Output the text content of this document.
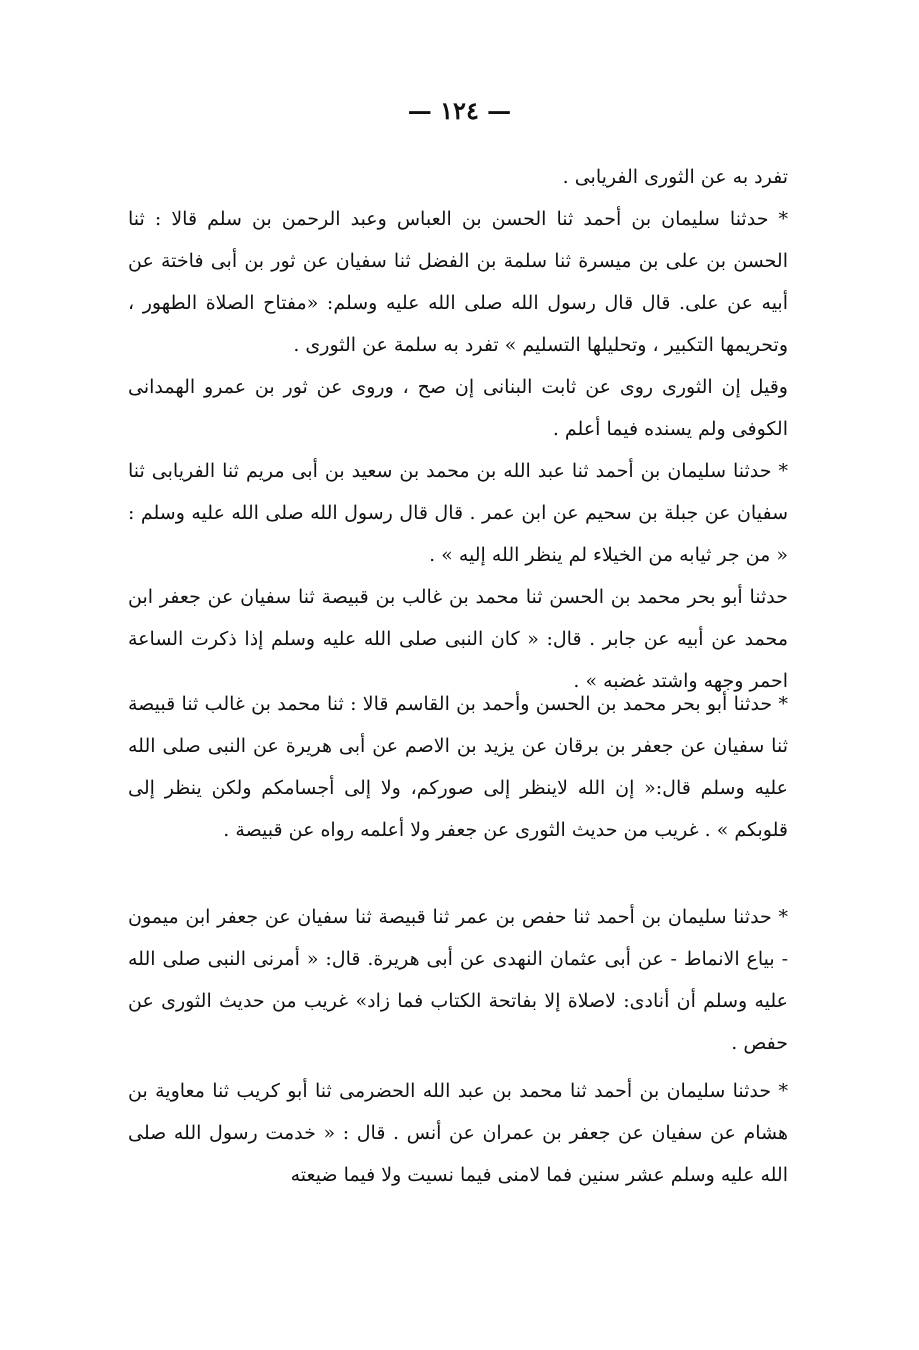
— ١٢٤ —

تفرد به عن الثورى الفريابى .

* حدثنا سليمان بن أحمد ثنا الحسن بن العباس وعبد الرحمن بن سلم قالا : ثنا الحسن بن علی بن ميسرة ثنا سلمة بن الفضل ثنا سفيان عن ثور بن أبی فاختة عن أبيه عن علی. قال قال رسول الله صلى الله عليه وسلم: «مفتاح الصلاة الطهور ، وتحريمها التكبير ، وتحليلها التسليم » تفرد به سلمة عن الثوری .

وقيل إن الثوری روی عن ثابت البنانی إن صح ، وروى عن ثور بن عمرو الهمدانی الكوفی ولم يسنده فيما أعلم .

* حدثنا سليمان بن أحمد ثنا عبد الله بن محمد بن سعيد بن أبی مريم ثنا الفريابى ثنا سفيان عن جبلة بن سحيم عن ابن عمر . قال قال رسول الله صلى الله عليه وسلم : « من جر ثيابه من الخيلاء لم ينظر الله إليه » .

حدثنا أبو بحر محمد بن الحسن ثنا محمد بن غالب بن قبيصة ثنا سفيان عن جعفر ابن محمد عن أبيه عن جابر . قال: « كان النبی صلى الله عليه وسلم إذا ذكرت الساعة احمر وجهه واشتد غضبه » .

* حدثنا أبو بحر محمد بن الحسن وأحمد بن القاسم قالا : ثنا محمد بن غالب ثنا قبيصة ثنا سفيان عن جعفر بن برقان عن يزيد بن الاصم عن أبی هريرة عن النبی صلى الله عليه وسلم قال:« إن الله لاينظر إلى صوركم، ولا إلى أجسامكم ولكن ينظر إلى قلوبكم » . غريب من حديث الثوری عن جعفر ولا أعلمه رواه عن قبيصة .

* حدثنا سليمان بن أحمد ثنا حفص بن عمر ثنا قبيصة ثنا سفيان عن جعفر ابن ميمون - بياع الانماط - عن أبی عثمان النهدی عن أبی هريرة. قال: « أمرنی النبی صلى الله عليه وسلم أن أنادی: لاصلاة إلا بفاتحة الكتاب فما زاد» غريب من حديث الثوری عن حفص .

* حدثنا سليمان بن أحمد ثنا محمد بن عبد الله الحضرمی ثنا أبو كريب ثنا معاوية بن هشام عن سفيان عن جعفر بن عمران عن أنس . قال : « خدمت رسول الله صلى الله عليه وسلم عشر سنين فما لامنی فيما نسيت ولا فيما ضيعته
